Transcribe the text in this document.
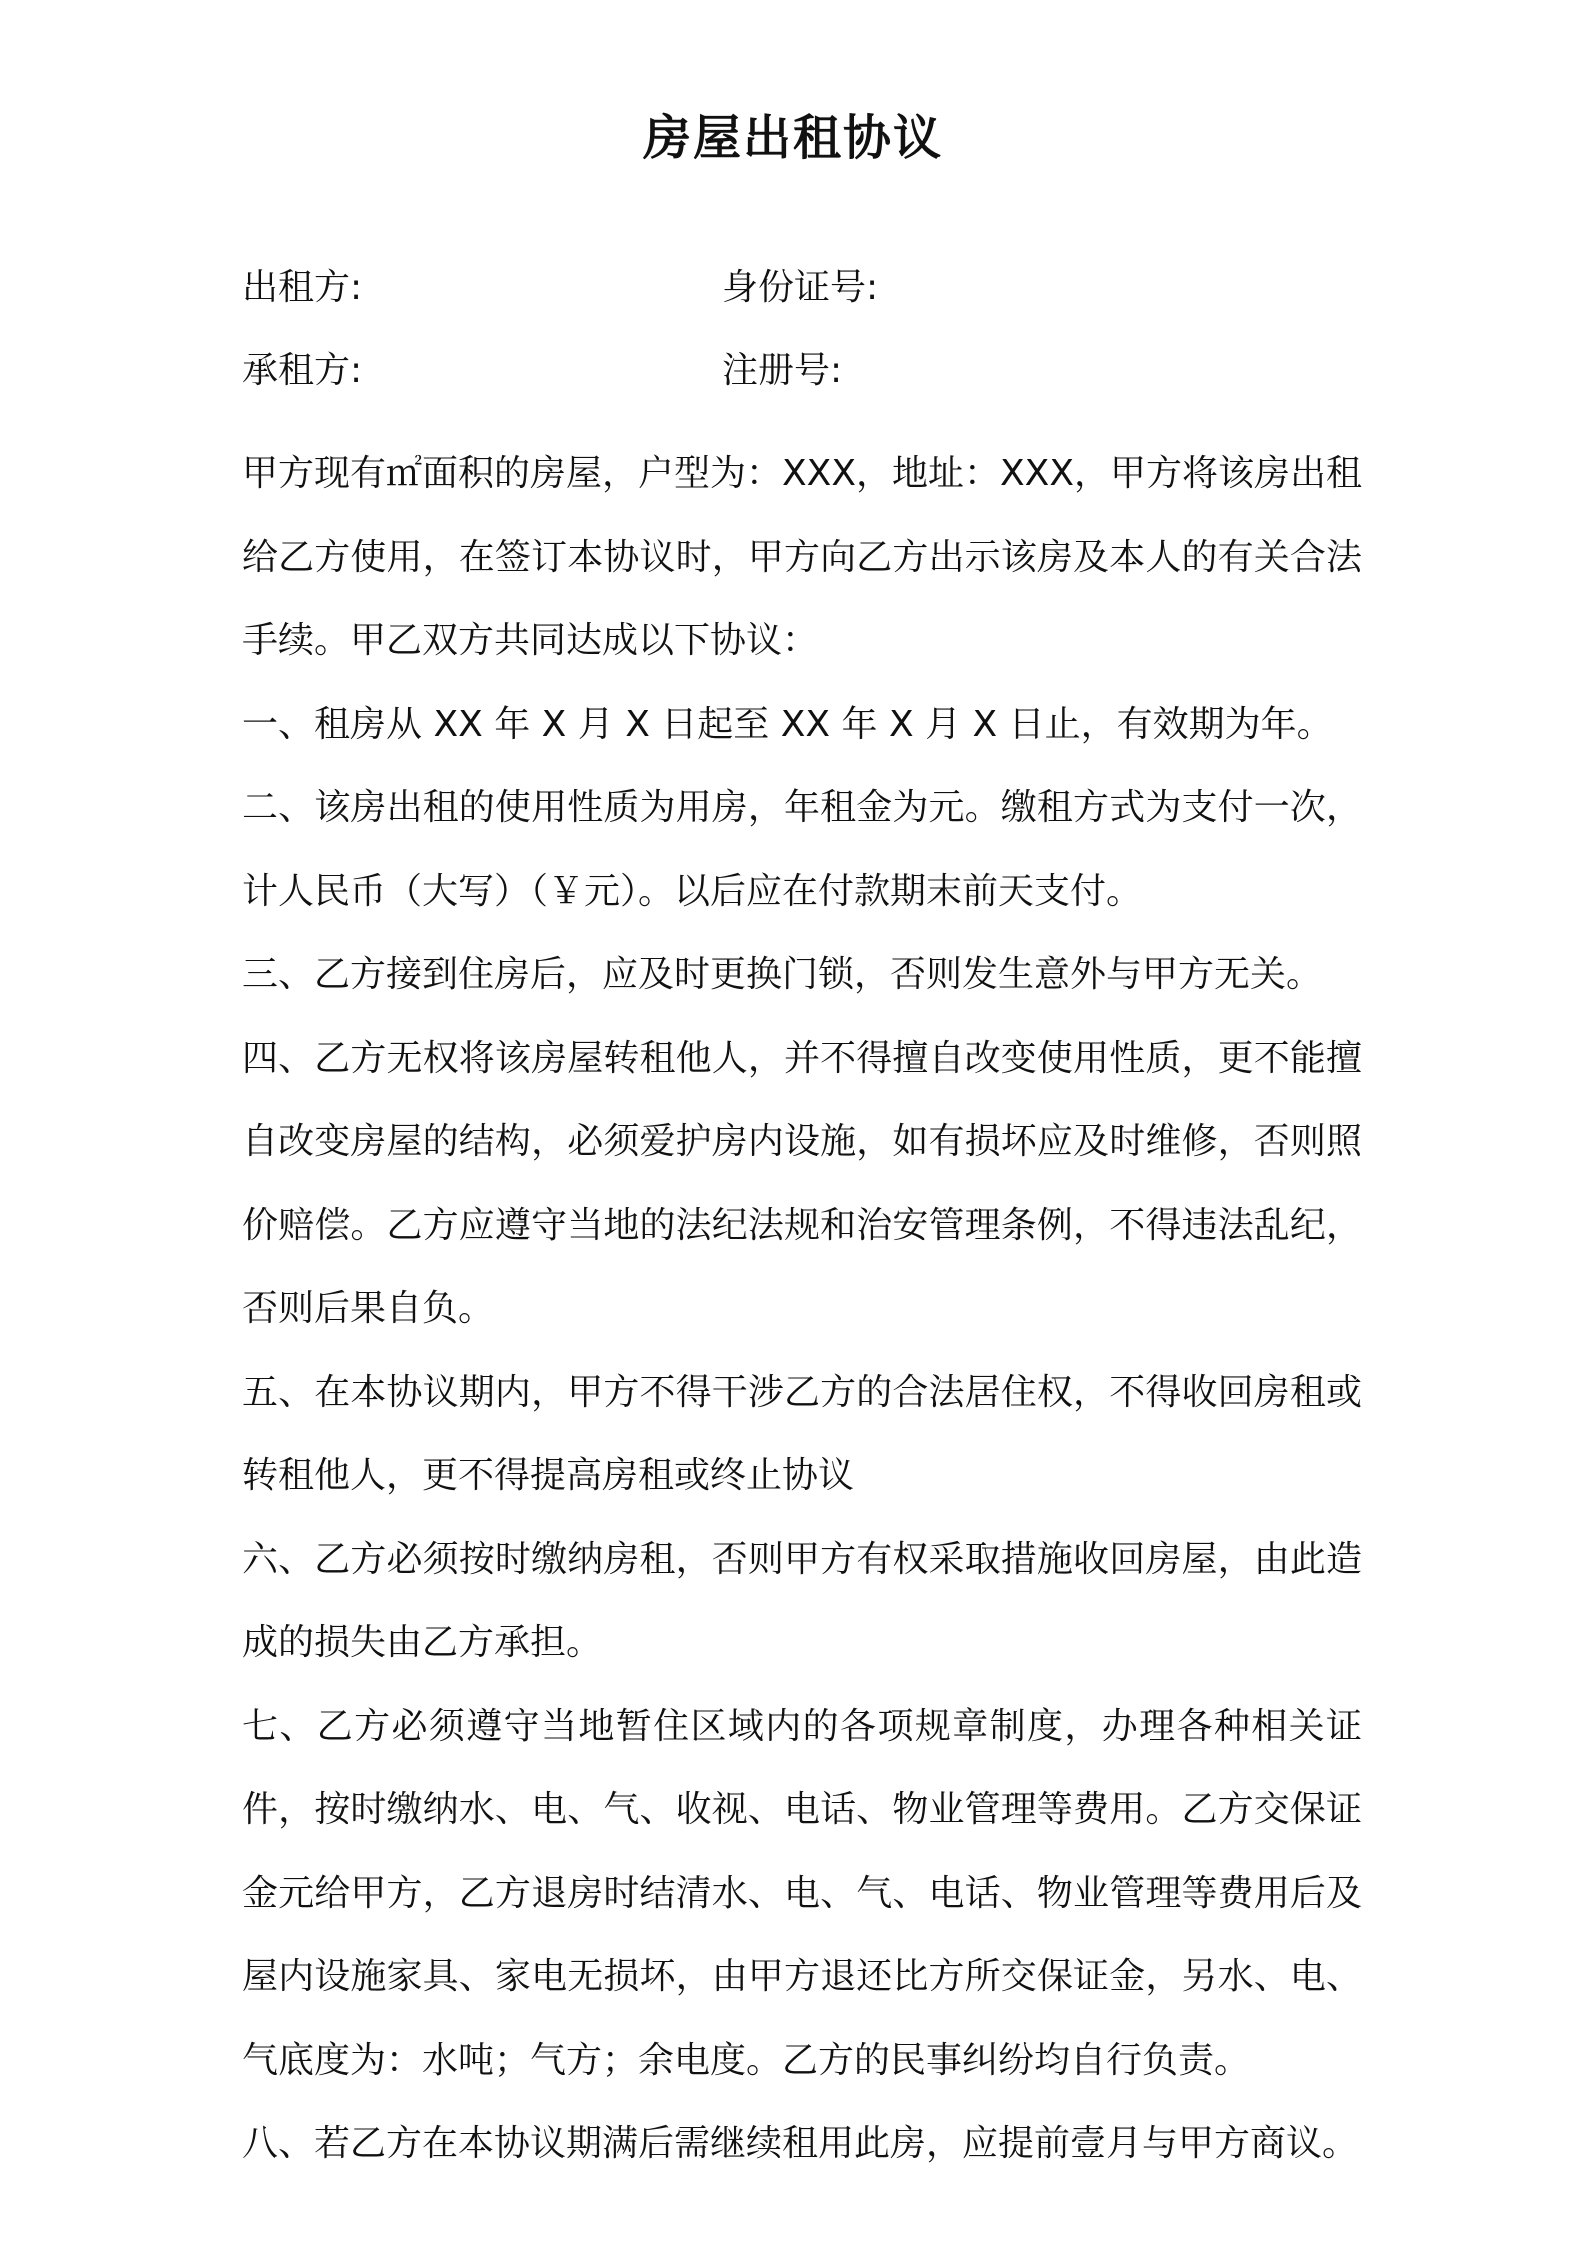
房屋出租协议
出租方:	身份证号:
承租方:	注册号:

甲方现有㎡面积的房屋，户型为：XXX，地址：XXX，甲方将该房出租给乙方使用，在签订本协议时，甲方向乙方出示该房及本人的有关合法手续。甲乙双方共同达成以下协议：

一、租房从 XX 年 X 月 X 日起至 XX 年 X 月 X 日止，有效期为年。

二、该房出租的使用性质为用房，年租金为元。缴租方式为支付一次，计人民币（大写）（￥元）。以后应在付款期末前天支付。

三、乙方接到住房后，应及时更换门锁，否则发生意外与甲方无关。

四、乙方无权将该房屋转租他人，并不得擅自改变使用性质，更不能擅自改变房屋的结构，必须爱护房内设施，如有损坏应及时维修，否则照价赔偿。乙方应遵守当地的法纪法规和治安管理条例，不得违法乱纪，否则后果自负。

五、在本协议期内，甲方不得干涉乙方的合法居住权，不得收回房租或转租他人，更不得提高房租或终止协议

六、乙方必须按时缴纳房租，否则甲方有权采取措施收回房屋，由此造成的损失由乙方承担。

七、乙方必须遵守当地暂住区域内的各项规章制度，办理各种相关证件，按时缴纳水、电、气、收视、电话、物业管理等费用。乙方交保证金元给甲方，乙方退房时结清水、电、气、电话、物业管理等费用后及屋内设施家具、家电无损坏，由甲方退还比方所交保证金，另水、电、气底度为：水吨；气方；余电度。乙方的民事纠纷均自行负责。

八、若乙方在本协议期满后需继续租用此房，应提前壹月与甲方商议。
